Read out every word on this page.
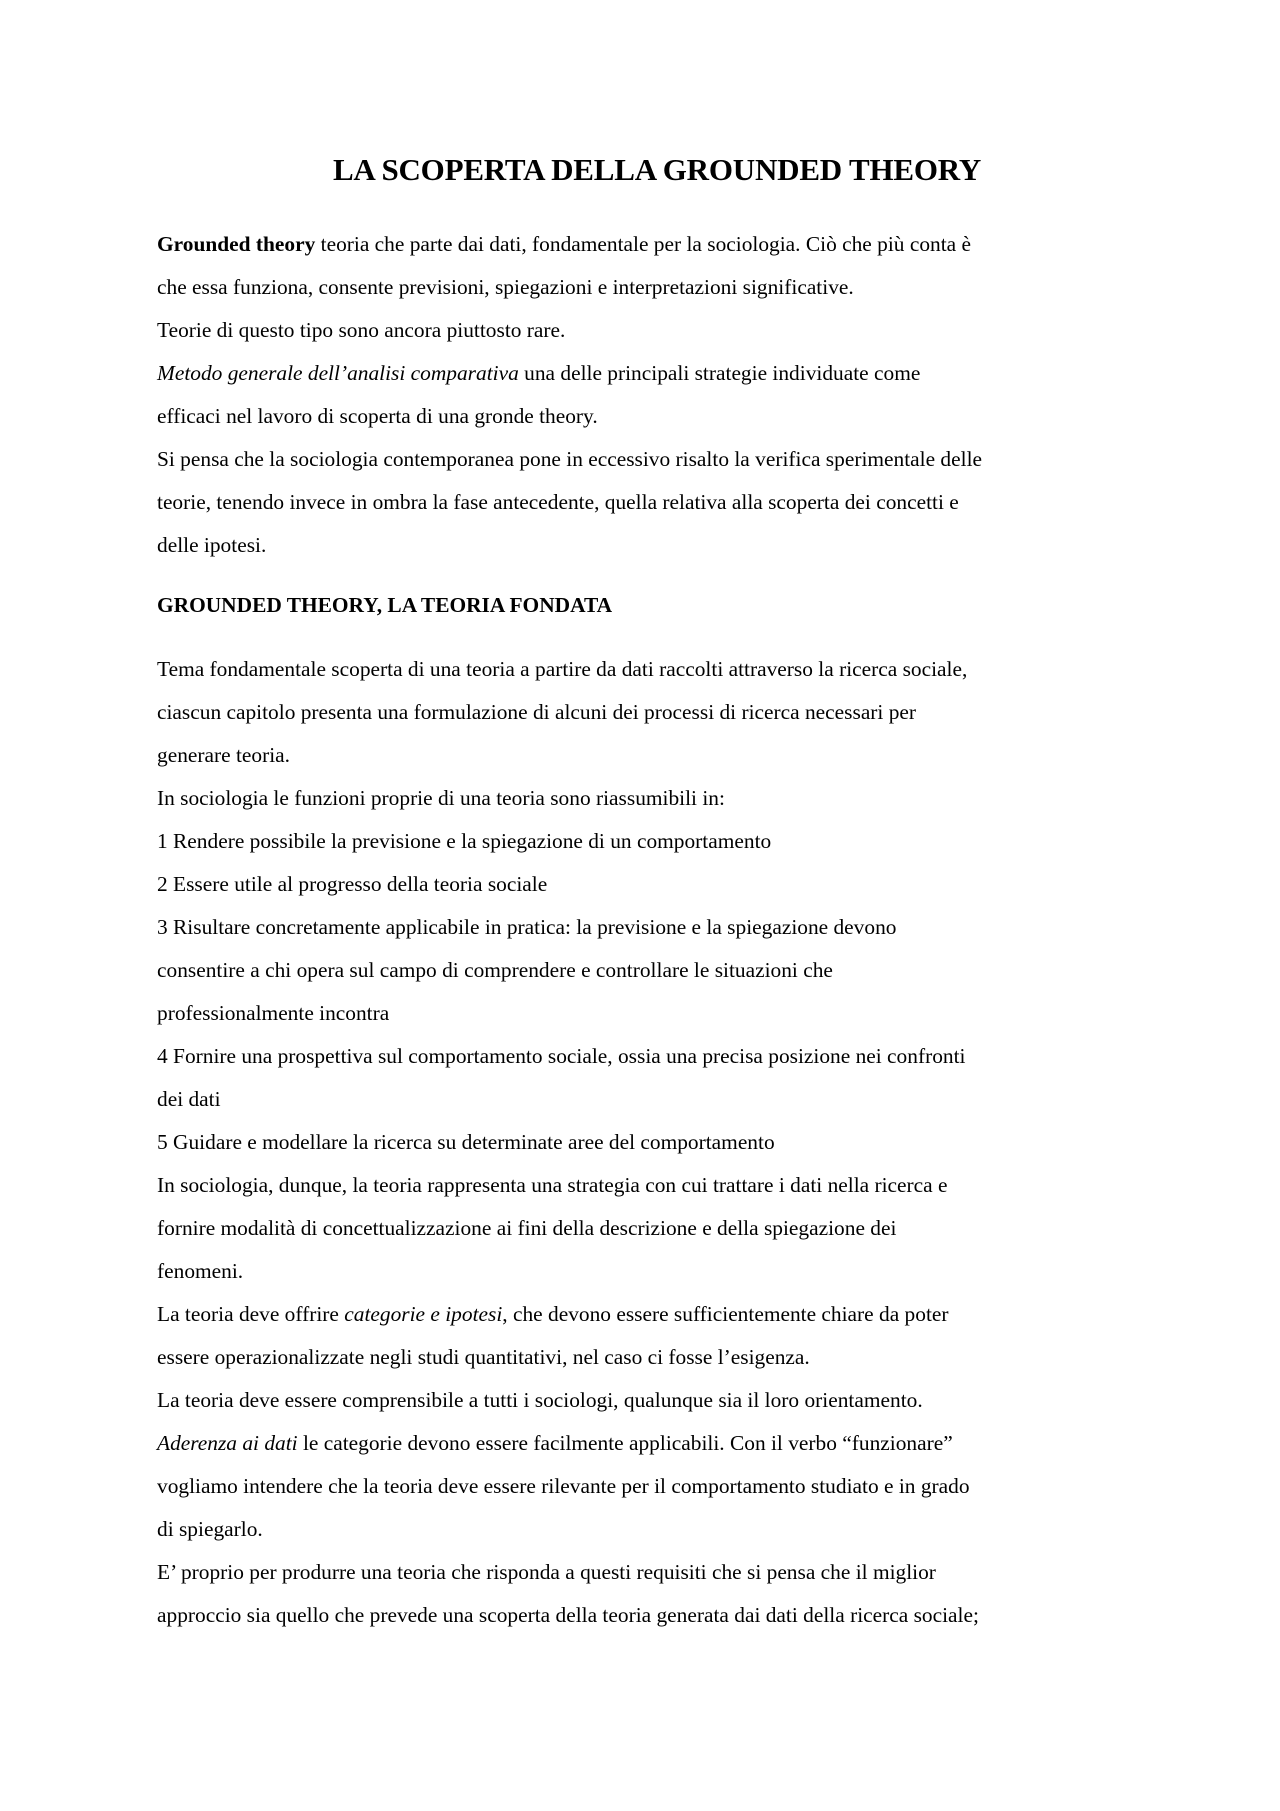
LA SCOPERTA DELLA GROUNDED THEORY

Grounded theory teoria che parte dai dati, fondamentale per la sociologia. Ciò che più conta è

che essa funziona, consente previsioni, spiegazioni e interpretazioni significative.

Teorie di questo tipo sono ancora piuttosto rare.

Metodo generale dell’analisi comparativa una delle principali strategie individuate come

efficaci nel lavoro di scoperta di una gronde theory.

Si pensa che la sociologia contemporanea pone in eccessivo risalto la verifica sperimentale delle

teorie, tenendo invece in ombra la fase antecedente, quella relativa alla scoperta dei concetti e

delle ipotesi.

GROUNDED THEORY, LA TEORIA FONDATA

Tema fondamentale scoperta di una teoria a partire da dati raccolti attraverso la ricerca sociale,

ciascun capitolo presenta una formulazione di alcuni dei processi di ricerca necessari per

generare teoria.

In sociologia le funzioni proprie di una teoria sono riassumibili in:

1 Rendere possibile la previsione e la spiegazione di un comportamento

2 Essere utile al progresso della teoria sociale

3 Risultare concretamente applicabile in pratica: la previsione e la spiegazione devono

consentire a chi opera sul campo di comprendere e controllare le situazioni che

professionalmente incontra

4 Fornire una prospettiva sul comportamento sociale, ossia una precisa posizione nei confronti

dei dati

5 Guidare e modellare la ricerca su determinate aree del comportamento

In sociologia, dunque, la teoria rappresenta una strategia con cui trattare i dati nella ricerca e

fornire modalità di concettualizzazione ai fini della descrizione e della spiegazione dei

fenomeni.

La teoria deve offrire categorie e ipotesi, che devono essere sufficientemente chiare da poter

essere operazionalizzate negli studi quantitativi, nel caso ci fosse l’esigenza.

La teoria deve essere comprensibile a tutti i sociologi, qualunque sia il loro orientamento.

Aderenza ai dati le categorie devono essere facilmente applicabili. Con il verbo “funzionare”

vogliamo intendere che la teoria deve essere rilevante per il comportamento studiato e in grado

di spiegarlo.

E’ proprio per produrre una teoria che risponda a questi requisiti che si pensa che il miglior

approccio sia quello che prevede una scoperta della teoria generata dai dati della ricerca sociale;
